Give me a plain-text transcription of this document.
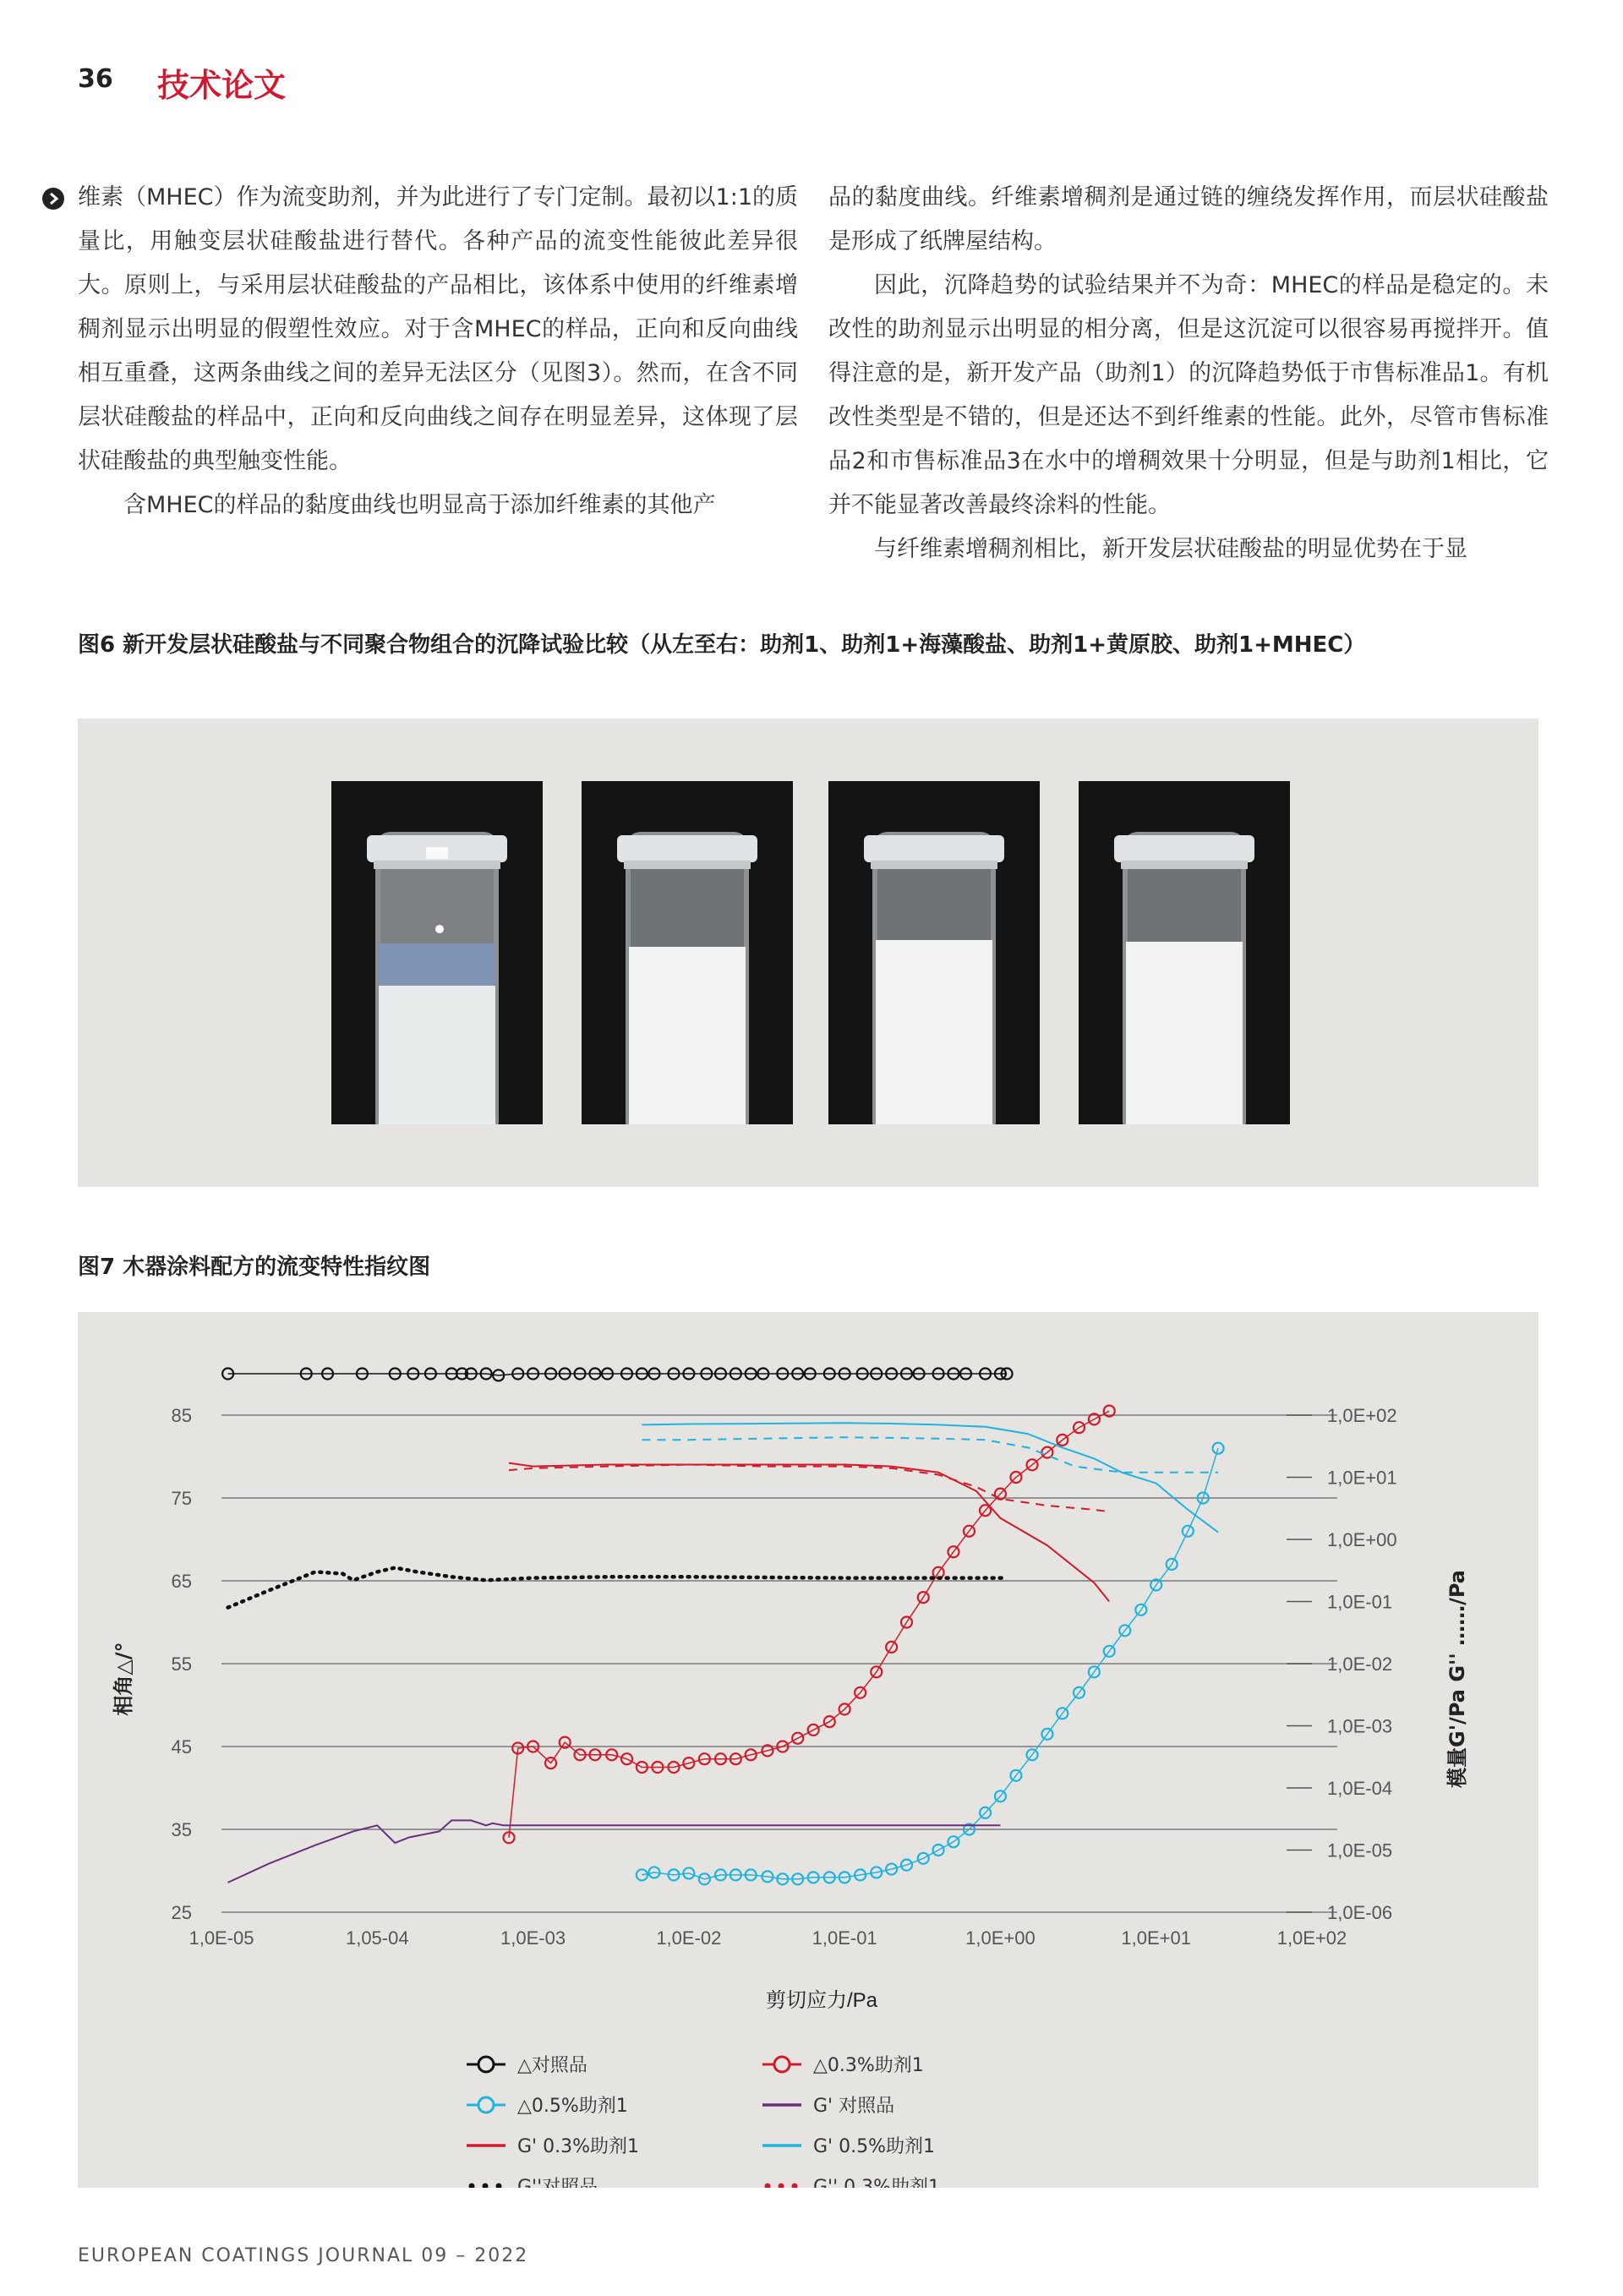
36 技术论文

维素（MHEC）作为流变助剂，并为此进行了专门定制。最初以1:1的质量比，用触变层状硅酸盐进行替代。各种产品的流变性能彼此差异很大。原则上，与采用层状硅酸盐的产品相比，该体系中使用的纤维素增稠剂显示出明显的假塑性效应。对于含MHEC的样品，正向和反向曲线相互重叠，这两条曲线之间的差异无法区分（见图3）。然而，在含不同层状硅酸盐的样品中，正向和反向曲线之间存在明显差异，这体现了层状硅酸盐的典型触变性能。

含MHEC的样品的黏度曲线也明显高于添加纤维素的其他产

品的黏度曲线。纤维素增稠剂是通过链的缠绕发挥作用，而层状硅酸盐是形成了纸牌屋结构。

因此，沉降趋势的试验结果并不为奇：MHEC的样品是稳定的。未改性的助剂显示出明显的相分离，但是这沉淀可以很容易再搅拌开。值得注意的是，新开发产品（助剂1）的沉降趋势低于市售标准品1。有机改性类型是不错的，但是还达不到纤维素的性能。此外，尽管市售标准品2和市售标准品3在水中的增稠效果十分明显，但是与助剂1相比，它并不能显著改善最终涂料的性能。

与纤维素增稠剂相比，新开发层状硅酸盐的明显优势在于显

图6 新开发层状硅酸盐与不同聚合物组合的沉降试验比较（从左至右：助剂1、助剂1+海藻酸盐、助剂1+黄原胶、助剂1+MHEC）
图7 木器涂料配方的流变特性指纹图
85
75
65
55
45
35
25
1,0E+02
1,0E+01
1,0E+00
1,0E-01
1,0E-02
1,0E-03
1,0E-04
1,0E-05
1,0E-06
1,0E-05	1,05-04	1,0E-03	1,0E-02	1,0E-01	1,0E+00	1,0E+01	1,0E+02
△对照品	△0.3%助剂1
△0.5%助剂1	G' 对照品
G' 0.3%助剂1	G' 0.5%助剂1
G''对照品	G'' 0.3%助剂1
剪切应力/Pa
相角△/°	模量G'/Pa G'' ……/Pa
EUROPEAN COATINGS JOURNAL 09 – 2022
